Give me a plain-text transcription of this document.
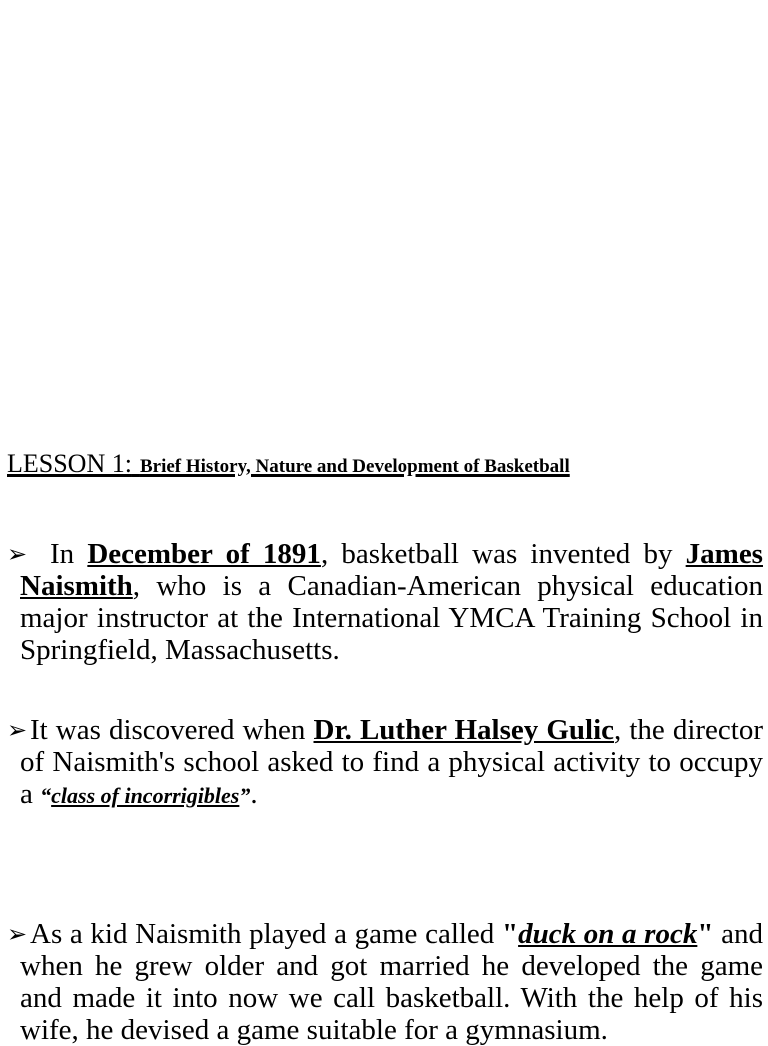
LESSON 1: Brief History, Nature and Development of Basketball

➢ In December of 1891, basketball was invented by James Naismith, who is a Canadian-American physical education major instructor at the International YMCA Training School in Springfield, Massachusetts.

➢ It was discovered when Dr. Luther Halsey Gulic, the director of Naismith's school asked to find a physical activity to occupy a “class of incorrigibles”.

➢ As a kid Naismith played a game called "duck on a rock" and when he grew older and got married he developed the game and made it into now we call basketball. With the help of his wife, he devised a game suitable for a gymnasium.
